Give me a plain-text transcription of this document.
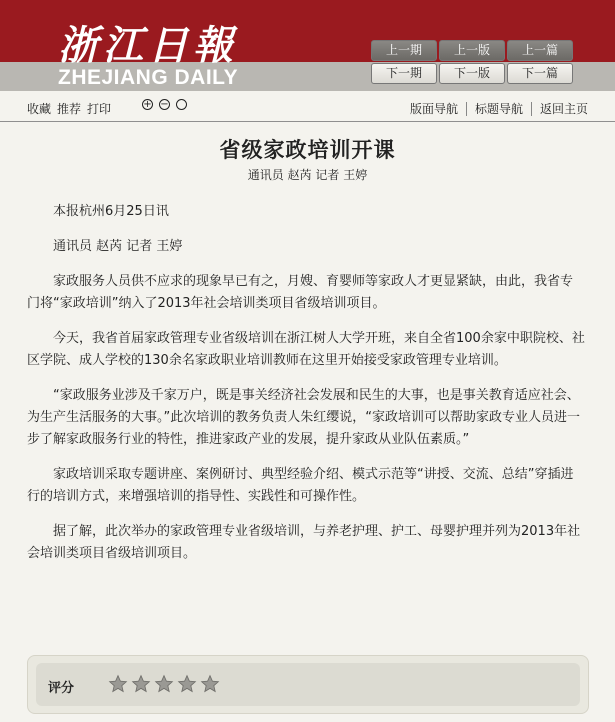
浙江日報
ZHEJIANG DAILY
上一期	上一版	上一篇
下一期	下一版	下一篇
收藏 推荐 打印	+ −	版面导航 标题导航 返回主页
省级家政培训开课
通讯员 赵芮 记者 王婷

本报杭州6月25日讯

通讯员 赵芮 记者 王婷

家政服务人员供不应求的现象早已有之，月嫂、育婴师等家政人才更显紧缺，由此，我省专门将“家政培训”纳入了2013年社会培训类项目省级培训项目。

今天，我省首届家政管理专业省级培训在浙江树人大学开班，来自全省100余家中职院校、社区学院、成人学校的130余名家政职业培训教师在这里开始接受家政管理专业培训。

“家政服务业涉及千家万户，既是事关经济社会发展和民生的大事，也是事关教育适应社会、为生产生活服务的大事。”此次培训的教务负责人朱红缨说，“家政培训可以帮助家政专业人员进一步了解家政服务行业的特性，推进家政产业的发展，提升家政从业队伍素质。”

家政培训采取专题讲座、案例研讨、典型经验介绍、模式示范等“讲授、交流、总结”穿插进行的培训方式，来增强培训的指导性、实践性和可操作性。

据了解，此次举办的家政管理专业省级培训，与养老护理、护工、母婴护理并列为2013年社会培训类项目省级培训项目。

评分
